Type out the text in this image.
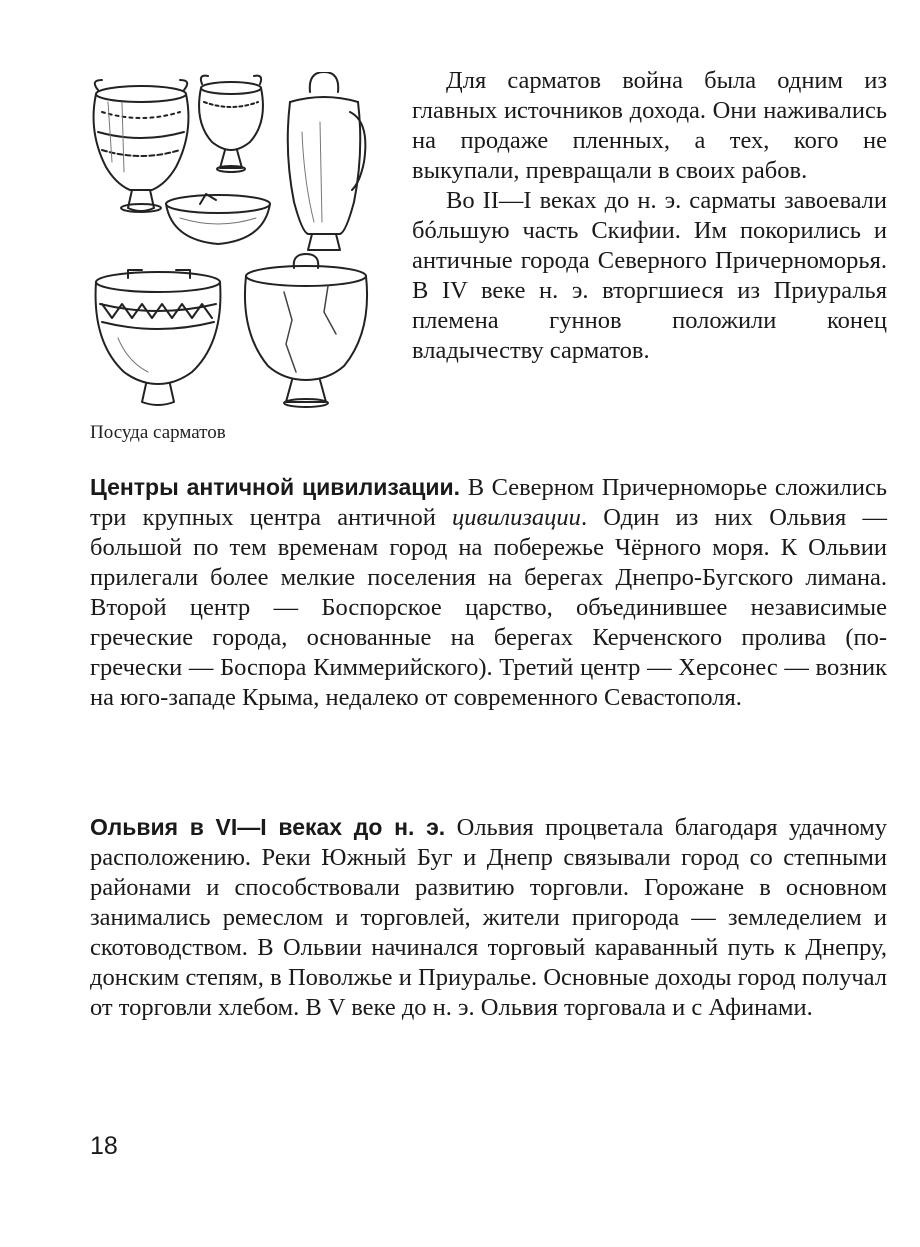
Посуда сарматов

Для сарматов война была одним из главных источников дохода. Они наживались на продаже пленных, а тех, кого не выкупали, превращали в своих рабов.

Во II—I веках до н. э. сарматы завоевали бóльшую часть Скифии. Им покорились и античные города Северного Причерноморья. В IV веке н. э. вторгшиеся из Приуралья племена гуннов положили конец владычеству сарматов.

Центры античной цивилизации. В Северном Причерноморье сложились три крупных центра античной цивилизации. Один из них Ольвия — большой по тем временам город на побережье Чёрного моря. К Ольвии прилегали более мелкие поселения на берегах Днепро-Бугского лимана. Второй центр — Боспорское царство, объединившее независимые греческие города, основанные на берегах Керченского пролива (по-гречески — Боспора Киммерийского). Третий центр — Херсонес — возник на юго-западе Крыма, недалеко от современного Севастополя.

Ольвия в VI—I веках до н. э. Ольвия процветала благодаря удачному расположению. Реки Южный Буг и Днепр связывали город со степными районами и способствовали развитию торговли. Горожане в основном занимались ремеслом и торговлей, жители пригорода — земледелием и скотоводством. В Ольвии начинался торговый караванный путь к Днепру, донским степям, в Поволжье и Приуралье. Основные доходы город получал от торговли хлебом. В V веке до н. э. Ольвия торговала и с Афинами.

18
